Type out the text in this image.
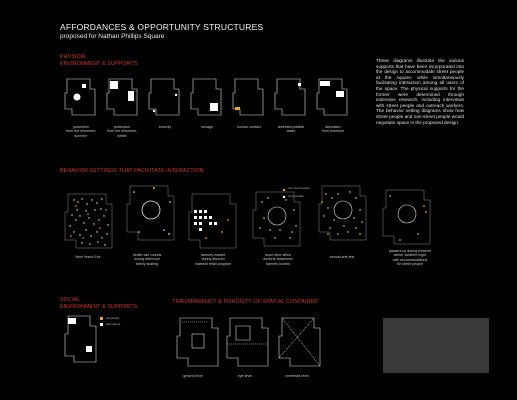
AFFORDANCES & OPPORTUNITY STRUCTURES
proposed for Nathan Phillips Square
PHYSICAL
ENVIRONMENT & SUPPORTS
BEHAVIOR SETTINGS THAT FACILITATE INTERACTION
SOCIAL
ENVIRONMENT & SUPPORTS
TRANSPARENCY & POROSITY OF SPATIAL CONTAINER
These diagrams illustrate the various supports that have been incorporated into the design to accommodate street people at the square, while simultaneously facilitating interaction among all users of the space. The physical supports for the former were determined through extensive research, including interviews with street people and outreach workers. The behavior setting diagrams show how street people and non-street people would negotiate space in the proposed design.
protection
from the elements:
summer
protection
from the elements:
winter
security	storage	human contact	resentful potable
water
alienation
from boredom
non-civic people
civic people
New Year's Eve	health van rounds
during afternoon
family skating
farmers market
during favored
material retail program
lunch time office
workers downtown
farmers booths
annual arts fest
passers by during extreme
winter weather night
with accommodations
for street people
temporary
permanent
ground level	eye level	overhead level
